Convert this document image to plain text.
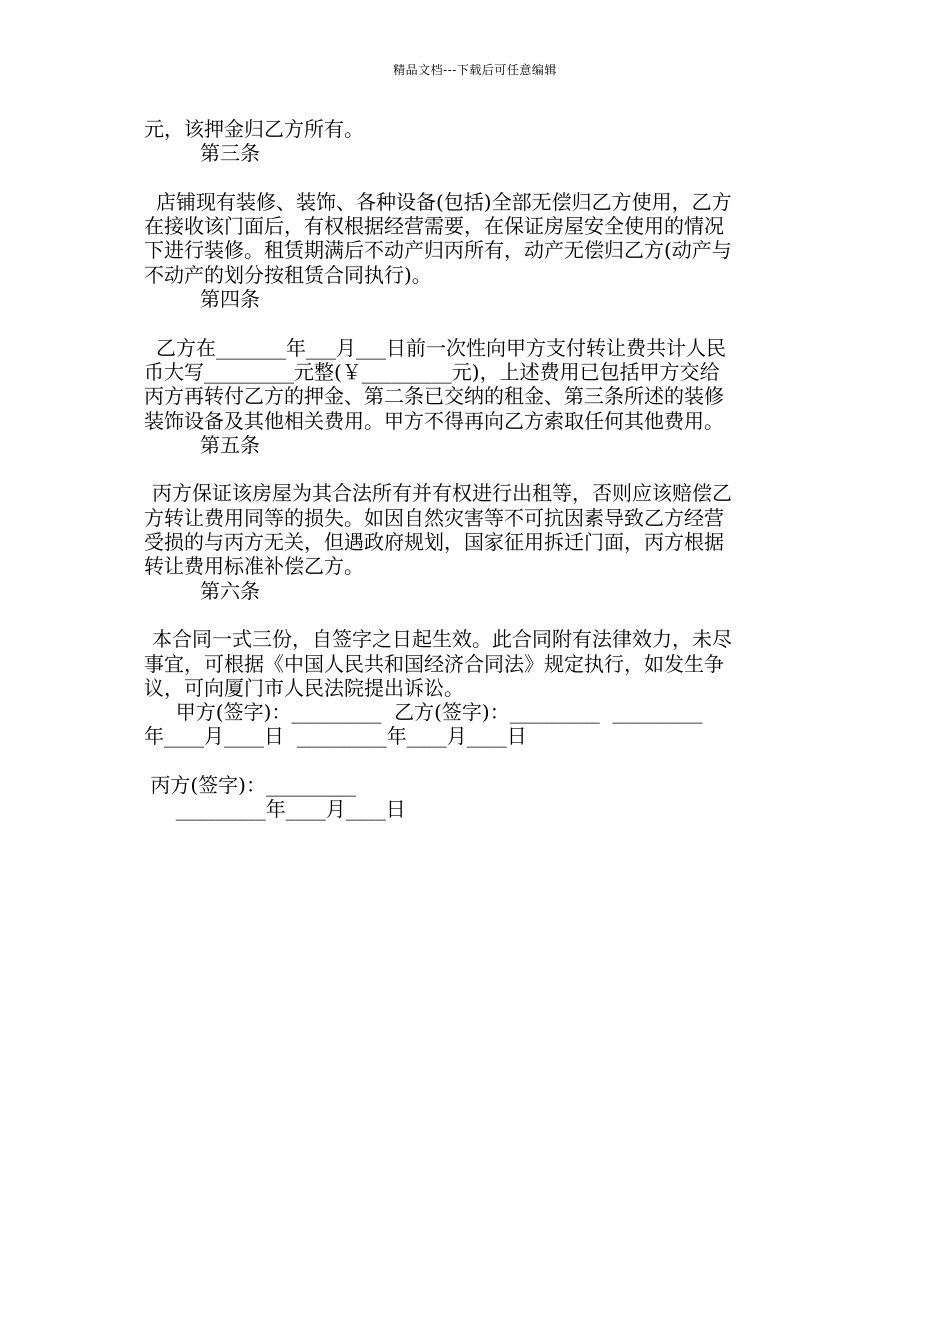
精品文档---下载后可任意编辑
元，该押金归乙方所有。
第三条
店铺现有装修、装饰、各种设备(包括)全部无偿归乙方使用，乙方
在接收该门面后，有权根据经营需要，在保证房屋安全使用的情况
下进行装修。租赁期满后不动产归丙所有，动产无偿归乙方(动产与
不动产的划分按租赁合同执行)。
第四条
乙方在_______年___月___日前一次性向甲方支付转让费共计人民
币大写_________元整(￥_________元)，上述费用已包括甲方交给
丙方再转付乙方的押金、第二条已交纳的租金、第三条所述的装修
装饰设备及其他相关费用。甲方不得再向乙方索取任何其他费用。
第五条
丙方保证该房屋为其合法所有并有权进行出租等，否则应该赔偿乙
方转让费用同等的损失。如因自然灾害等不可抗因素导致乙方经营
受损的与丙方无关，但遇政府规划，国家征用拆迁门面，丙方根据
转让费用标准补偿乙方。
第六条
本合同一式三份，自签字之日起生效。此合同附有法律效力，未尽
事宜，可根据《中国人民共和国经济合同法》规定执行，如发生争
议，可向厦门市人民法院提出诉讼。
甲方(签字)：_________  乙方(签字)：_________  _________
年____月____日  _________年____月____日
丙方(签字)：_________
_________年____月____日
